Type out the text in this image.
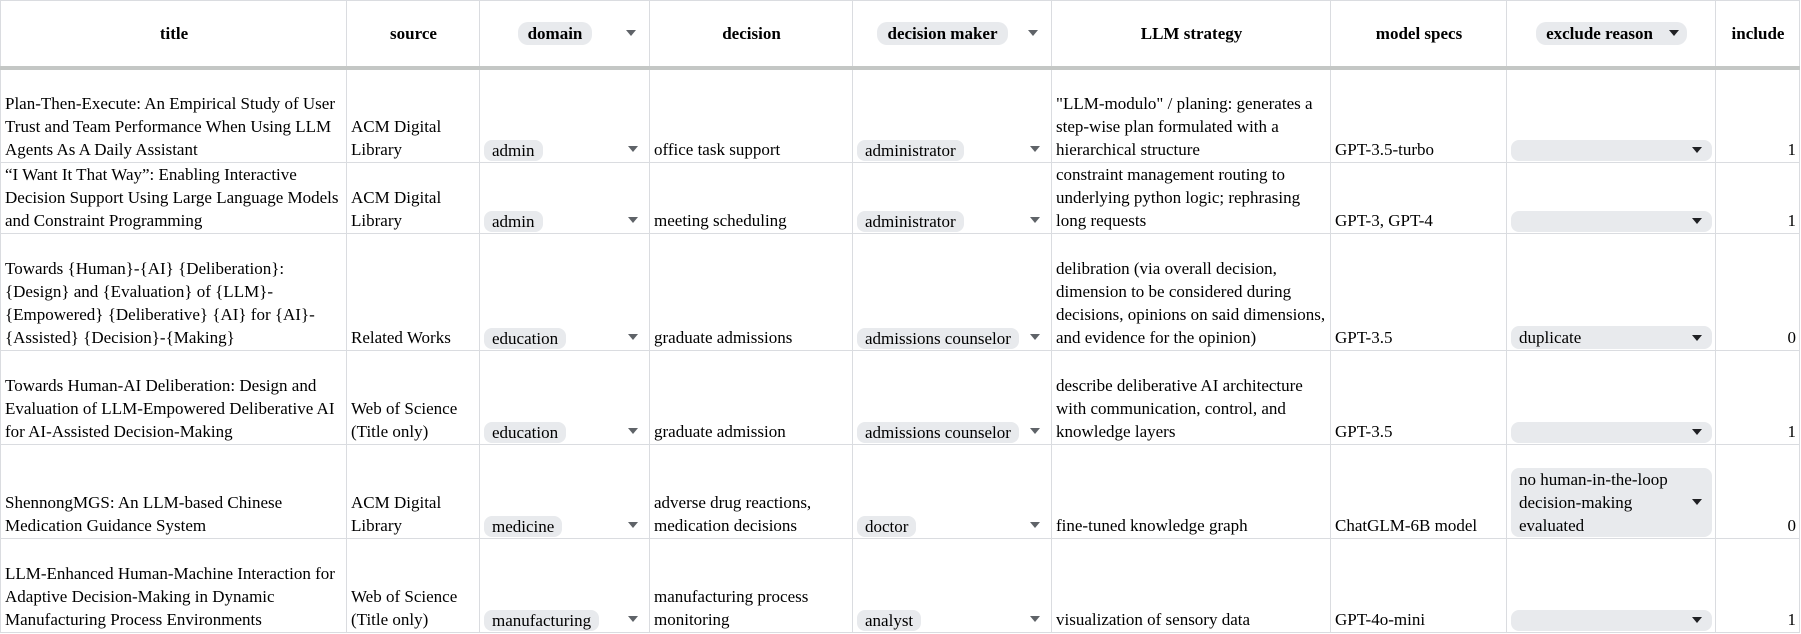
title	source	domain	decision	decision maker	LLM strategy	model specs	exclude reason	include
Plan-Then-Execute: An Empirical Study of User Trust and Team Performance When Using LLM Agents As A Daily Assistant	ACM Digital Library	admin	office task support	administrator	"LLM-modulo" / planing: generates a step-wise plan formulated with a hierarchical structure	GPT-3.5-turbo		1
“I Want It That Way”: Enabling Interactive Decision Support Using Large Language Models and Constraint Programming	ACM Digital Library	admin	meeting scheduling	administrator	constraint management routing to underlying python logic; rephrasing long requests	GPT-3, GPT-4		1
Towards {Human}-{AI} {Deliberation}: {Design} and {Evaluation} of {LLM}-{Empowered} {Deliberative} {AI} for {AI}-{Assisted} {Decision}-{Making}	Related Works	education	graduate admissions	admissions counselor	delibration (via overall decision, dimension to be considered during decisions, opinions on said dimensions, and evidence for the opinion)	GPT-3.5	duplicate	0
Towards Human-AI Deliberation: Design and Evaluation of LLM-Empowered Deliberative AI for AI-Assisted Decision-Making	Web of Science (Title only)	education	graduate admission	admissions counselor	describe deliberative AI architecture with communication, control, and knowledge layers	GPT-3.5		1
ShennongMGS: An LLM-based Chinese Medication Guidance System	ACM Digital Library	medicine	adverse drug reactions, medication decisions	doctor	fine-tuned knowledge graph	ChatGLM-6B model	no human-in-the-loop decision-making evaluated	0
LLM-Enhanced Human-Machine Interaction for Adaptive Decision-Making in Dynamic Manufacturing Process Environments	Web of Science (Title only)	manufacturing	manufacturing process monitoring	analyst	visualization of sensory data	GPT-4o-mini		1
